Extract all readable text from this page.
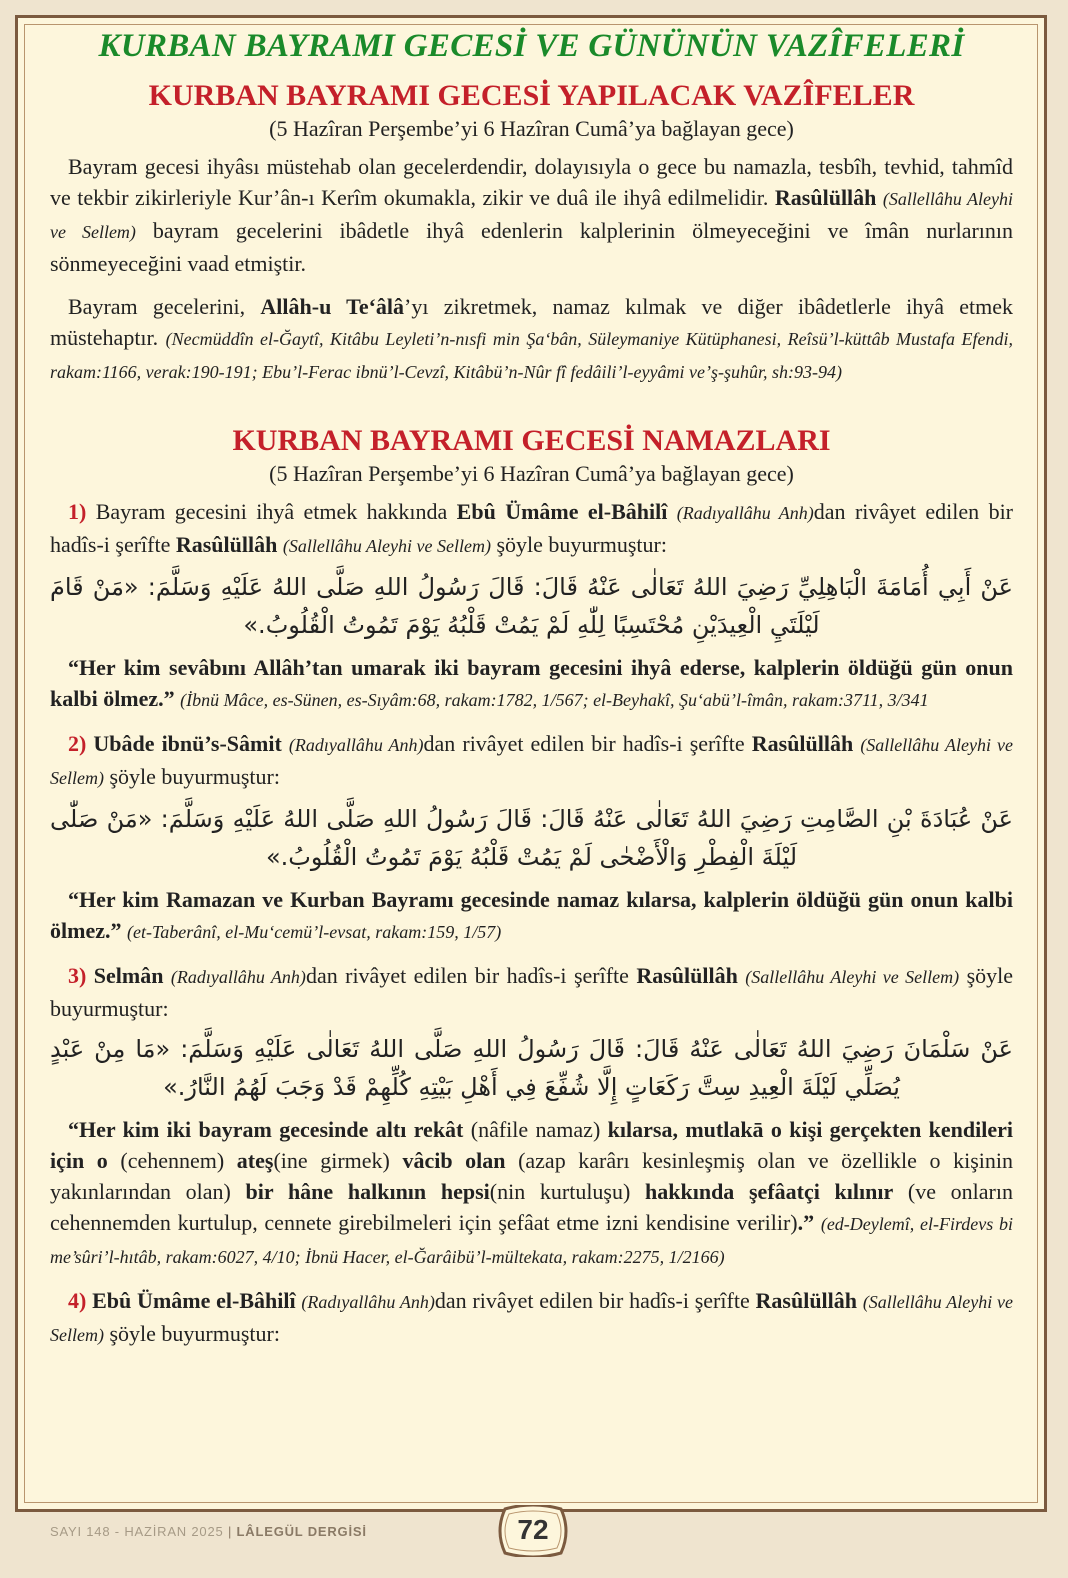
KURBAN BAYRAMI GECESİ VE GÜNÜNÜN VAZÎFELERİ
KURBAN BAYRAMI GECESİ YAPILACAK VAZÎFELER
(5 Hazîran Perşembe’yi 6 Hazîran Cumâ’ya bağlayan gece)

Bayram gecesi ihyâsı müstehab olan gecelerdendir, dolayısıyla o gece bu namazla, tesbîh, tevhid, tahmîd ve tekbir zikirleriyle Kur’ân-ı Kerîm okumakla, zikir ve duâ ile ihyâ edilmelidir. Rasûlüllâh (Sallellâhu Aleyhi ve Sellem) bayram gecelerini ibâdetle ihyâ edenlerin kalplerinin ölmeyeceğini ve îmân nurlarının sönmeyeceğini vaad etmiştir.

Bayram gecelerini, Allâh-u Te‘âlâ’yı zikretmek, namaz kılmak ve diğer ibâdetlerle ihyâ etmek müstehaptır. (Necmüddîn el-Ğaytî, Kitâbu Leyleti’n-nısfi min Şa‘bân, Süleymaniye Kütüphanesi, Reîsü’l-küttâb Mustafa Efendi, rakam:1166, verak:190-191; Ebu’l-Ferac ibnü’l-Cevzî, Kitâbü’n-Nûr fî fedâili’l-eyyâmi ve’ş-şuhûr, sh:93-94)

KURBAN BAYRAMI GECESİ NAMAZLARI
(5 Hazîran Perşembe’yi 6 Hazîran Cumâ’ya bağlayan gece)

1) Bayram gecesini ihyâ etmek hakkında Ebû Ümâme el-Bâhilî (Radıyallâhu Anh)dan rivâyet edilen bir hadîs-i şerîfte Rasûlüllâh (Sallellâhu Aleyhi ve Sellem) şöyle buyurmuştur:

عَنْ أَبِي أُمَامَةَ الْبَاهِلِيِّ رَضِيَ اللهُ تَعَالٰى عَنْهُ قَالَ: قَالَ رَسُولُ اللهِ صَلَّى اللهُ عَلَيْهِ وَسَلَّمَ: «مَنْ قَامَ لَيْلَتَيِ الْعِيدَيْنِ مُحْتَسِبًا لِلّٰهِ لَمْ يَمُتْ قَلْبُهُ يَوْمَ تَمُوتُ الْقُلُوبُ.»

“Her kim sevâbını Allâh’tan umarak iki bayram gecesini ihyâ ederse, kalplerin öldüğü gün onun kalbi ölmez.” (İbnü Mâce, es-Sünen, es-Sıyâm:68, rakam:1782, 1/567; el-Beyhakî, Şu‘abü’l-îmân, rakam:3711, 3/341

2) Ubâde ibnü’s-Sâmit (Radıyallâhu Anh)dan rivâyet edilen bir hadîs-i şerîfte Rasûlüllâh (Sallellâhu Aleyhi ve Sellem) şöyle buyurmuştur:

عَنْ عُبَادَةَ بْنِ الصَّامِتِ رَضِيَ اللهُ تَعَالٰى عَنْهُ قَالَ: قَالَ رَسُولُ اللهِ صَلَّى اللهُ عَلَيْهِ وَسَلَّمَ: «مَنْ صَلّٰى لَيْلَةَ الْفِطْرِ وَالْأَضْحٰى لَمْ يَمُتْ قَلْبُهُ يَوْمَ تَمُوتُ الْقُلُوبُ.»

“Her kim Ramazan ve Kurban Bayramı gecesinde namaz kılarsa, kalplerin öldüğü gün onun kalbi ölmez.” (et-Taberânî, el-Mu‘cemü’l-evsat, rakam:159, 1/57)

3) Selmân (Radıyallâhu Anh)dan rivâyet edilen bir hadîs-i şerîfte Rasûlüllâh (Sallellâhu Aleyhi ve Sellem) şöyle buyurmuştur:

عَنْ سَلْمَانَ رَضِيَ اللهُ تَعَالٰى عَنْهُ قَالَ: قَالَ رَسُولُ اللهِ صَلَّى اللهُ تَعَالٰى عَلَيْهِ وَسَلَّمَ: «مَا مِنْ عَبْدٍ يُصَلِّي لَيْلَةَ الْعِيدِ سِتَّ رَكَعَاتٍ إِلَّا شُفِّعَ فِي أَهْلِ بَيْتِهِ كُلِّهِمْ قَدْ وَجَبَ لَهُمُ النَّارُ.»

“Her kim iki bayram gecesinde altı rekât (nâfile namaz) kılarsa, mutlakā o kişi gerçekten kendileri için o (cehennem) ateş(ine girmek) vâcib olan (azap karârı kesinleşmiş olan ve özellikle o kişinin yakınlarından olan) bir hâne halkının hepsi(nin kurtuluşu) hakkında şefâatçi kılınır (ve onların cehennemden kurtulup, cennete girebilmeleri için şefâat etme izni kendisine verilir).” (ed-Deylemî, el-Firdevs bi me’sûri’l-hıtâb, rakam:6027, 4/10; İbnü Hacer, el-Ğarâibü’l-mültekata, rakam:2275, 1/2166)

4) Ebû Ümâme el-Bâhilî (Radıyallâhu Anh)dan rivâyet edilen bir hadîs-i şerîfte Rasûlüllâh (Sallellâhu Aleyhi ve Sellem) şöyle buyurmuştur:

SAYI 148 - HAZİRAN 2025 | LÂLEGÜL DERGİSİ	72
